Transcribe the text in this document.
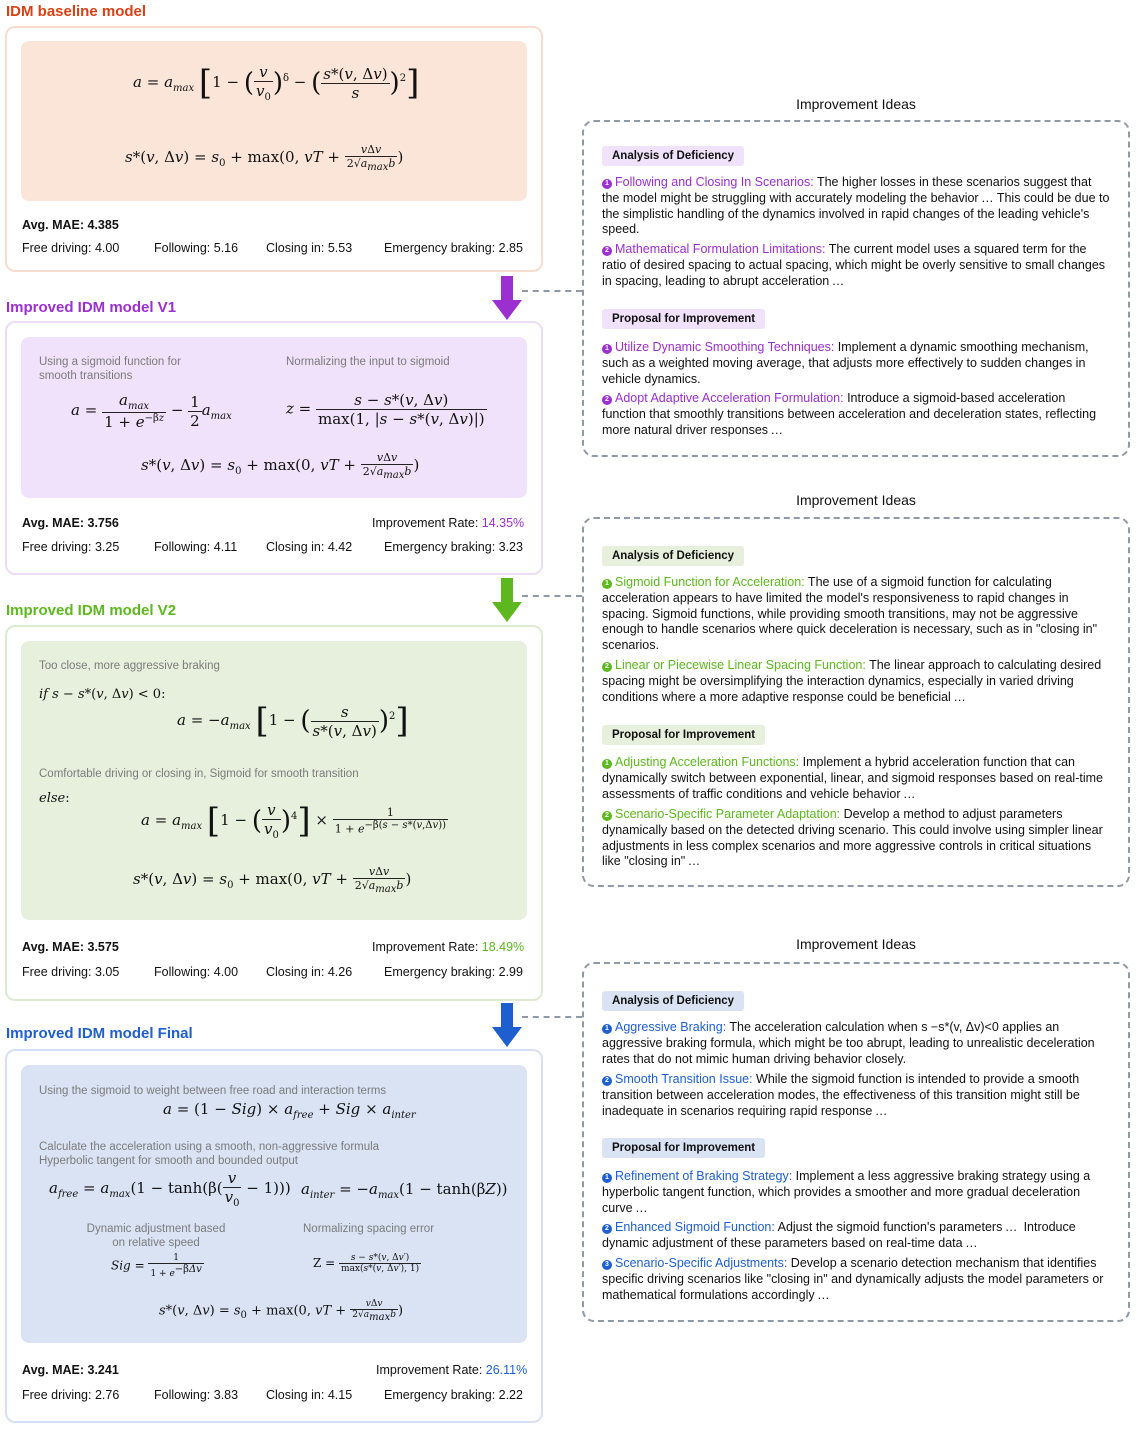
IDM baseline model
$a = a_{max}$ [1 − ( $\frac{v}{v_0} )^\delta$ − ( $\frac{s*(v, \Delta v)}{s} )^2$]
s*(v, $\Delta v) = s_0 + \max(0$, vT + $\frac{\text{vΔv}}{2√a_{max}b}$ )
Avg. MAE: 4.385
Free driving: 4.00	Following: 5.16 Closing in: 5.53	Emergency braking: 2.85
Improved IDM model V1
Using a sigmoid function for smooth transitions
Normalizing the input to sigmoid
$a = \frac{a_{max}}{1 + e^{-\beta z}} - \frac{1}{2} a_{max}$	$z = \frac{s - s*(v, \Delta v)}{\max(1, |s - s*(v, \Delta v)|)}$
s*(v, $\Delta v) = s_0 + \max(0$, vT + $\frac{\text{vΔv}}{2√a_{max}b}$ )
Avg. MAE: 3.756	Improvement Rate: 14.35%
Free driving: 3.25	Following: 4.11 Closing in: 4.42	Emergency braking: 3.23
Improved IDM model V2
Too close, more aggressive braking
if s − s*(v, Δv) < 0:
$a = -a_{max}$ [1 − ( $\frac{s}{s*(v, \Delta v)} )^2$]
Comfortable driving or closing in, Sigmoid for smooth transition
else:
$a = a_{max}$ [1 − ( $\frac{v}{v_0} )^4] \times \frac{1}{1 + e^{-\beta(s - s*(v,\Delta v))}}$
s*(v, $\Delta v) = s_0 + \max(0$, vT + $\frac{\text{vΔv}}{2√a_{max}b}$ )
Avg. MAE: 3.575	Improvement Rate: 18.49%
Free driving: 3.05	Following: 4.00 Closing in: 4.26	Emergency braking: 2.99
Improved IDM model Final
Using the sigmoid to weight between free road and interaction terms
$a = (1 - Sig) \times a_{free}$ + Sig × $a_{inter}$
Calculate the acceleration using a smooth, non-aggressive formula
Hyperbolic tangent for smooth and bounded output
$a_{free} = a_{max}(1 - \tanh(\beta( \frac{v}{v_0} - 1))) a_{inter} = -a_{max}(1 - \tanh(\beta Z))$
Dynamic adjustment based on relative speed
Normalizing spacing error
Sig = $\frac{1}{1 + e^{-\beta\Delta v}}$	$Z = \frac{s - s*(v, \Delta v')}{\max(s*(v, \Delta v'), 1)}$
s*(v, $\Delta v) = s_0 + \max(0$, vT + $\frac{\text{vΔv}}{2√a_{max}b}$ )
Avg. MAE: 3.241	Improvement Rate: 26.11%
Free driving: 2.76	Following: 3.83 Closing in: 4.15	Emergency braking: 2.22
Improvement Ideas
Analysis of Deficiency
1 Following and Closing In Scenarios: The higher losses in these scenarios suggest that the model might be struggling with accurately modeling the behavior … This could be due to the simplistic handling of the dynamics involved in rapid changes of the leading vehicle's speed.
2 Mathematical Formulation Limitations: The current model uses a squared term for the ratio of desired spacing to actual spacing, which might be overly sensitive to small changes in spacing, leading to abrupt acceleration …
Proposal for Improvement
1 Utilize Dynamic Smoothing Techniques: Implement a dynamic smoothing mechanism, such as a weighted moving average, that adjusts more effectively to sudden changes in vehicle dynamics.
2 Adopt Adaptive Acceleration Formulation: Introduce a sigmoid-based acceleration function that smoothly transitions between acceleration and deceleration states, reflecting more natural driver responses …
Improvement Ideas
Analysis of Deficiency
1 Sigmoid Function for Acceleration: The use of a sigmoid function for calculating acceleration appears to have limited the model's responsiveness to rapid changes in spacing. Sigmoid functions, while providing smooth transitions, may not be aggressive enough to handle scenarios where quick deceleration is necessary, such as in "closing in" scenarios.
2 Linear or Piecewise Linear Spacing Function: The linear approach to calculating desired spacing might be oversimplifying the interaction dynamics, especially in varied driving conditions where a more adaptive response could be beneficial …
Proposal for Improvement
1 Adjusting Acceleration Functions: Implement a hybrid acceleration function that can dynamically switch between exponential, linear, and sigmoid responses based on real-time assessments of traffic conditions and vehicle behavior …
2 Scenario-Specific Parameter Adaptation: Develop a method to adjust parameters dynamically based on the detected driving scenario. This could involve using simpler linear adjustments in less complex scenarios and more aggressive controls in critical situations like "closing in" …
Improvement Ideas
Analysis of Deficiency
1 Aggressive Braking: The acceleration calculation when s −s*(v, Δv)<0 applies an aggressive braking formula, which might be too abrupt, leading to unrealistic deceleration rates that do not mimic human driving behavior closely.
2 Smooth Transition Issue: While the sigmoid function is intended to provide a smooth transition between acceleration modes, the effectiveness of this transition might still be inadequate in scenarios requiring rapid response …
Proposal for Improvement
1 Refinement of Braking Strategy: Implement a less aggressive braking strategy using a hyperbolic tangent function, which provides a smoother and more gradual deceleration curve …
2 Enhanced Sigmoid Function: Adjust the sigmoid function's parameters … Introduce dynamic adjustment of these parameters based on real-time data …
3 Scenario-Specific Adjustments: Develop a scenario detection mechanism that identifies specific driving scenarios like "closing in" and dynamically adjusts the model parameters or mathematical formulations accordingly …
